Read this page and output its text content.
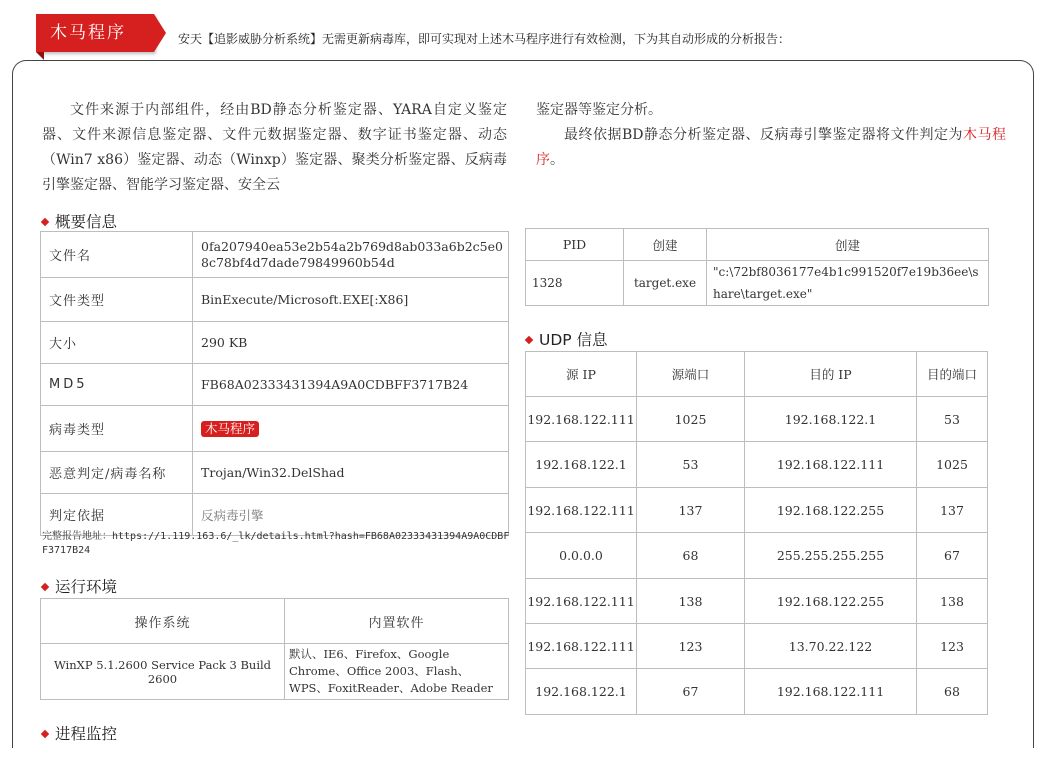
木马程序	安天【追影威胁分析系统】无需更新病毒库，即可实现对上述木马程序进行有效检测，下为其自动形成的分析报告：

文件来源于内部组件，经由BD静态分析鉴定器、YARA自定义鉴定器、文件来源信息鉴定器、文件元数据鉴定器、数字证书鉴定器、动态（Win7 x86）鉴定器、动态（Winxp）鉴定器、聚类分析鉴定器、反病毒引擎鉴定器、智能学习鉴定器、安全云

鉴定器等鉴定分析。

最终依据BD静态分析鉴定器、反病毒引擎鉴定器将文件判定为木马程序。

概要信息
文件名	0fa207940ea53e2b54a2b769d8ab033a6b2c5e08c78bf4d7dade79849960b54d
文件类型	BinExecute/Microsoft.EXE[:X86]
大小	290 KB
MD5	FB68A02333431394A9A0CDBFF3717B24
病毒类型	木马程序
恶意判定/病毒名称	Trojan/Win32.DelShad
判定依据	反病毒引擎
完整报告地址：https://1.119.163.6/_lk/details.html?hash=FB68A02333431394A9A0CDBFF3717B24
运行环境
操作系统	内置软件
WinXP 5.1.2600 Service Pack 3 Build 2600	默认、IE6、Firefox、Google Chrome、Office 2003、Flash、WPS、FoxitReader、Adobe Reader
进程监控
PID	创建	创建
1328	target.exe	"c:\72bf8036177e4b1c991520f7e19b36ee\share\target.exe"
UDP 信息
源 IP	源端口	目的 IP	目的端口
192.168.122.111	1025	192.168.122.1	53
192.168.122.1	53	192.168.122.111	1025
192.168.122.111	137	192.168.122.255	137
0.0.0.0	68	255.255.255.255	67
192.168.122.111	138	192.168.122.255	138
192.168.122.111	123	13.70.22.122	123
192.168.122.1	67	192.168.122.111	68
